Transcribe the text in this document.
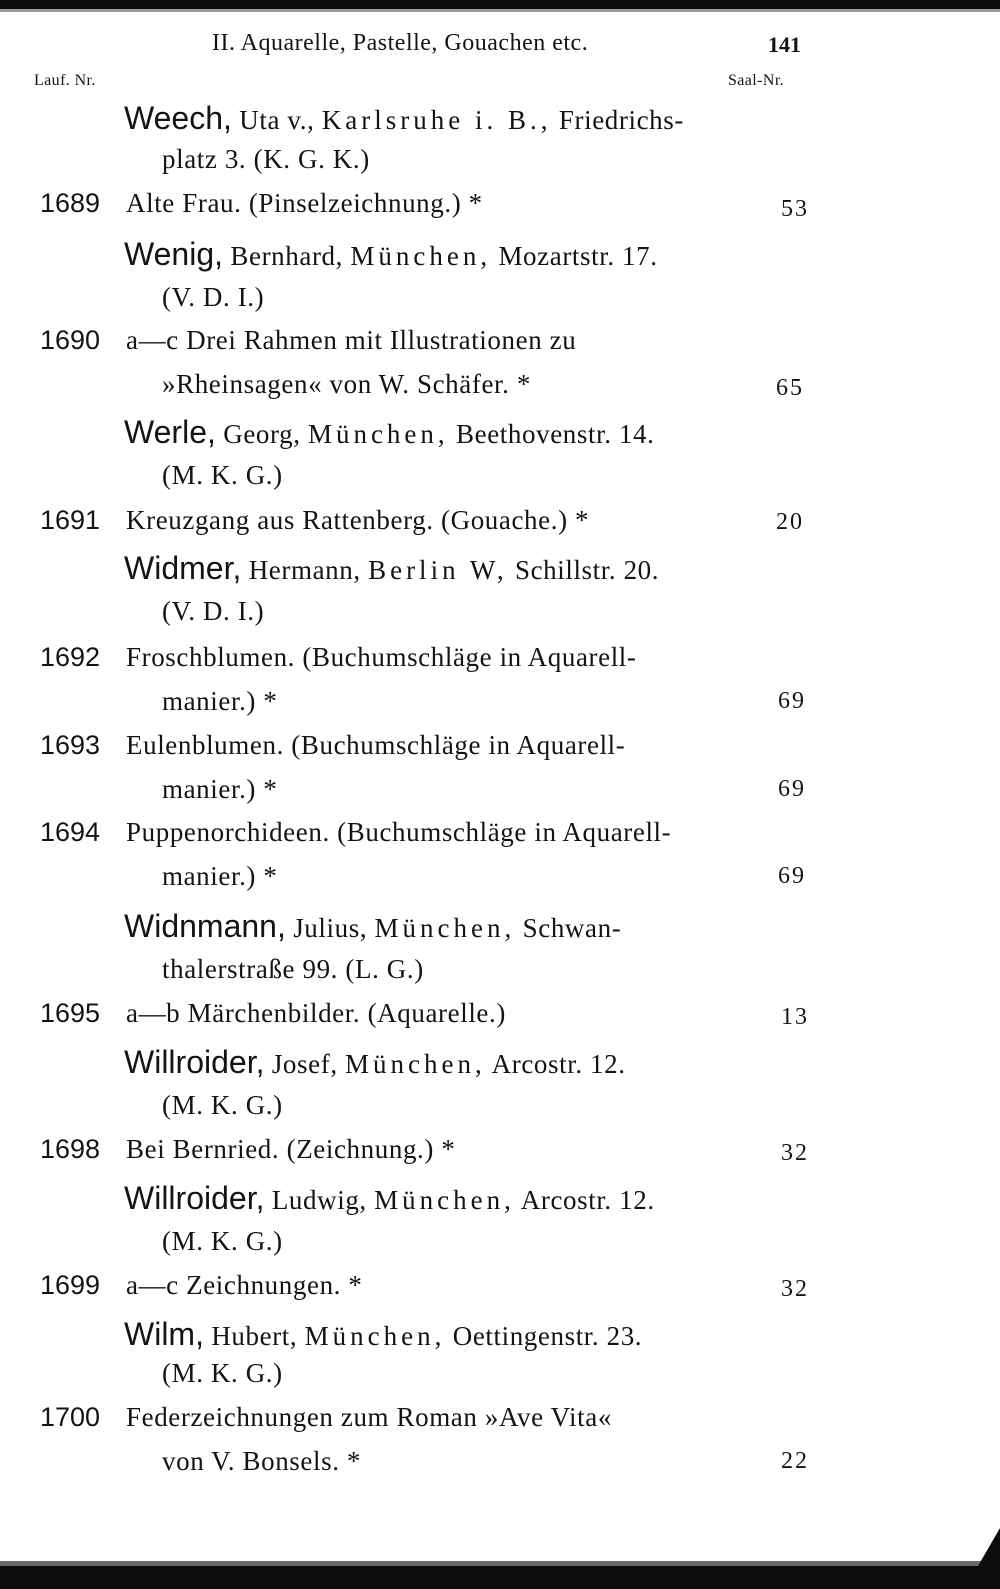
II. Aquarelle, Pastelle, Gouachen etc.	141
Lauf. Nr.	Saal-Nr.
Weech, Uta v., Karlsruhe i. B., Friedrichs-
platz 3. (K. G. K.)
1689 Alte Frau. (Pinselzeichnung.) *	53
Wenig, Bernhard, München, Mozartstr. 17.
(V. D. I.)
1690 a—c Drei Rahmen mit Illustrationen zu
»Rheinsagen« von W. Schäfer. *	65
Werle, Georg, München, Beethovenstr. 14.
(M. K. G.)
1691 Kreuzgang aus Rattenberg. (Gouache.) *	20
Widmer, Hermann, Berlin W, Schillstr. 20.
(V. D. I.)
1692 Froschblumen. (Buchumschläge in Aquarell-
manier.) *	69
1693 Eulenblumen. (Buchumschläge in Aquarell-
manier.) *	69
1694 Puppenorchideen. (Buchumschläge in Aquarell-
manier.) *	69
Widnmann, Julius, München, Schwan-
thalerstraße 99. (L. G.)
1695 a—b Märchenbilder. (Aquarelle.)	13
Willroider, Josef, München, Arcostr. 12.
(M. K. G.)
1698 Bei Bernried. (Zeichnung.) *	32
Willroider, Ludwig, München, Arcostr. 12.
(M. K. G.)
1699 a—c Zeichnungen. *	32
Wilm, Hubert, München, Oettingenstr. 23.
(M. K. G.)
1700 Federzeichnungen zum Roman »Ave Vita«
von V. Bonsels. *	22
